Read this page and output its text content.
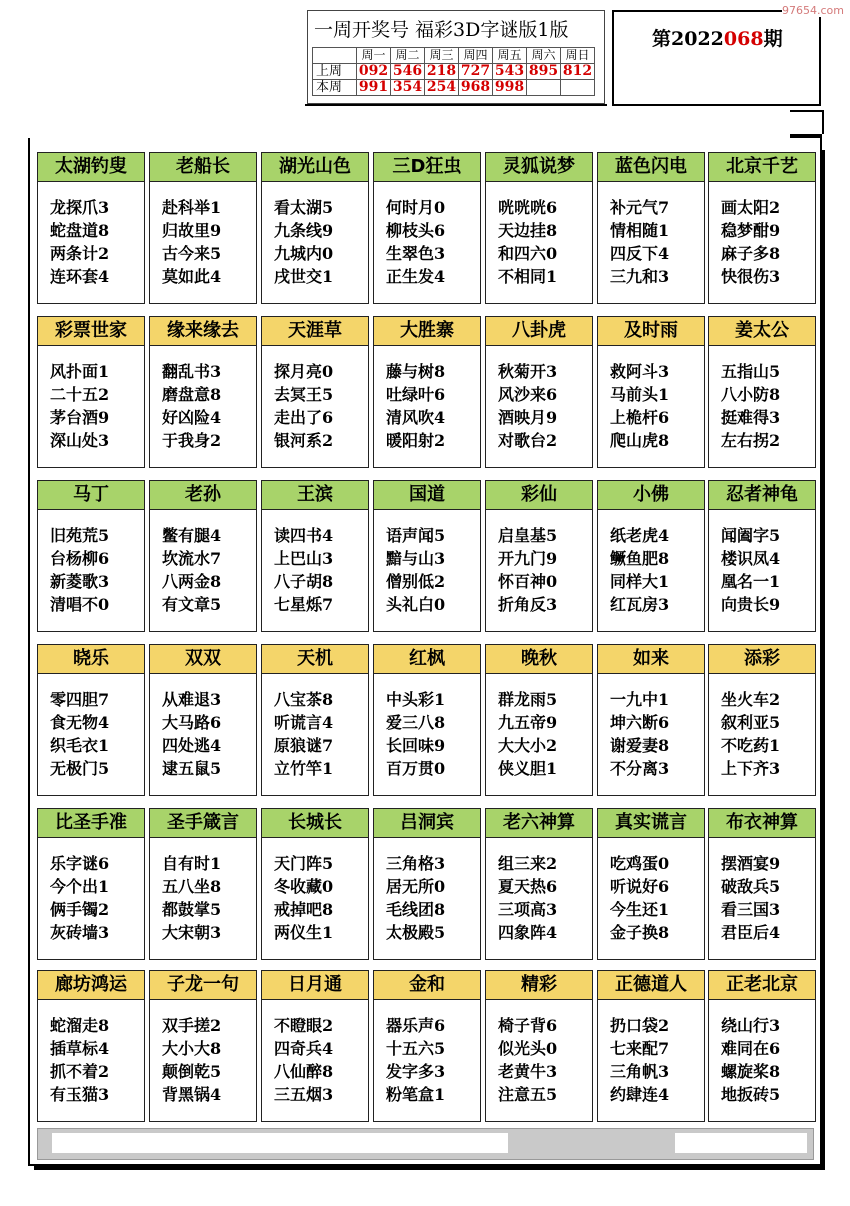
一周开奖号 福彩3D字谜版1版
	周一	周二	周三	周四	周五	周六	周日
上周	092	546	218	727	543	895	812
本周	991	354	254	968	998		
第2022068期
97654.com
太湖钓叟
龙探爪3
蛇盘道8
两条计2
连环套4
老船长
赴科举1
归故里9
古今来5
莫如此4
湖光山色
看太湖5
九条线9
九城内0
戌世交1
三D狂虫
何时月0
柳枝头6
生翠色3
正生发4
灵狐说梦
咣咣咣6
天边挂8
和四六0
不相同1
蓝色闪电
补元气7
情相随1
四反下4
三九和3
北京千艺
画太阳2
稳梦酣9
麻子多8
快很伤3
彩票世家
风扑面1
二十五2
茅台酒9
深山处3
缘来缘去
翻乱书3
磨盘意8
好凶险4
于我身2
天涯草
探月亮0
去冥王5
走出了6
银河系2
大胜寨
藤与树8
吐绿叶6
清风吹4
暖阳射2
八卦虎
秋菊开3
风沙来6
酒映月9
对歌台2
及时雨
救阿斗3
马前头1
上桅杆6
爬山虎8
姜太公
五指山5
八小防8
挺难得3
左右拐2
马丁
旧苑荒5
台杨柳6
新菱歌3
清唱不0
老孙
鳖有腿4
坎流水7
八两金8
有文章5
王滨
读四书4
上巴山3
八子胡8
七星烁7
国道
语声闻5
黯与山3
僧别低2
头礼白0
彩仙
启皇基5
开九门9
怀百神0
折角反3
小佛
纸老虎4
鳜鱼肥8
同样大1
红瓦房3
忍者神龟
闻阖字5
楼识凤4
凰名一1
向贵长9
晓乐
零四胆7
食无物4
织毛衣1
无极门5
双双
从难退3
大马路6
四处逃4
逮五鼠5
天机
八宝茶8
听谎言4
原狼谜7
立竹竿1
红枫
中头彩1
爱三八8
长回味9
百万贯0
晚秋
群龙雨5
九五帝9
大大小2
侠义胆1
如来
一九中1
坤六断6
谢爱妻8
不分离3
添彩
坐火车2
叙利亚5
不吃药1
上下齐3
比圣手准
乐字谜6
今个出1
俩手镯2
灰砖墙3
圣手箴言
自有时1
五八坐8
都鼓掌5
大宋朝3
长城长
天门阵5
冬收藏0
戒掉吧8
两仪生1
吕洞宾
三角格3
居无所0
毛线团8
太极殿5
老六神算
组三来2
夏天热6
三项高3
四象阵4
真实谎言
吃鸡蛋0
听说好6
今生还1
金子换8
布衣神算
摆酒宴9
破敌兵5
看三国3
君臣后4
廊坊鸿运
蛇溜走8
插草标4
抓不着2
有玉猫3
子龙一句
双手搓2
大小大8
颠倒乾5
背黑锅4
日月通
不瞪眼2
四奇兵4
八仙醉8
三五烟3
金和
器乐声6
十五六5
发字多3
粉笔盒1
精彩
椅子背6
似光头0
老黄牛3
注意五5
正德道人
扔口袋2
七来配7
三角帆3
约肆连4
正老北京
绕山行3
难同在6
螺旋桨8
地扳砖5
